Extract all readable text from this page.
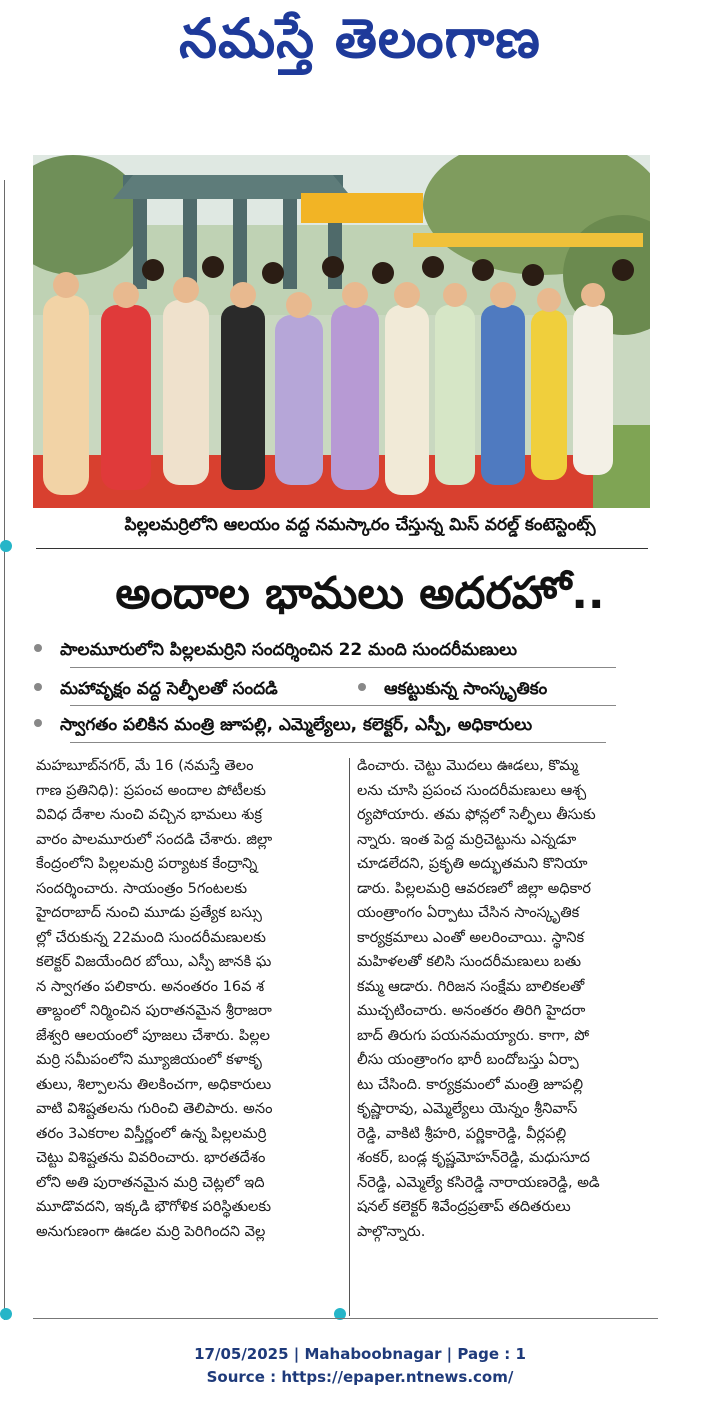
నమస్తే తెలంగాణ
పిల్లలమర్రిలోని ఆలయం వద్ద నమస్కారం చేస్తున్న మిస్ వరల్డ్ కంటెస్టెంట్స్
అందాల భామలు అదరహో..
పాలమూరులోని పిల్లలమర్రిని సందర్శించిన 22 మంది సుందరీమణులు
మహావృక్షం వద్ద సెల్ఫీలతో సందడి	ఆకట్టుకున్న సాంస్కృతికం
స్వాగతం పలికిన మంత్రి జూపల్లి, ఎమ్మెల్యేలు, కలెక్టర్, ఎస్పీ, అధికారులు
మహబూబ్‌నగర్, మే 16 (నమస్తే తెలం
గాణ ప్రతినిధి): ప్రపంచ అందాల పోటీలకు
వివిధ దేశాల నుంచి వచ్చిన భామలు శుక్ర
వారం పాలమూరులో సందడి చేశారు. జిల్లా
కేంద్రంలోని పిల్లలమర్రి పర్యాటక కేంద్రాన్ని
సందర్శించారు. సాయంత్రం 5గంటలకు
హైదరాబాద్ నుంచి మూడు ప్రత్యేక బస్సు
ల్లో చేరుకున్న 22మంది సుందరీమణులకు
కలెక్టర్ విజయేందిర బోయి, ఎస్పీ జానకి ఘ
న స్వాగతం పలికారు. అనంతరం 16వ శ
తాబ్దంలో నిర్మించిన పురాతనమైన శ్రీరాజరా
జేశ్వరి ఆలయంలో పూజలు చేశారు. పిల్లల
మర్రి సమీపంలోని మ్యూజియంలో కళాకృ
తులు, శిల్పాలను తిలకించగా, అధికారులు
వాటి విశిష్టతలను గురించి తెలిపారు. అనం
తరం 3ఎకరాల విస్తీర్ణంలో ఉన్న పిల్లలమర్రి
చెట్టు విశిష్టతను వివరించారు. భారతదేశం
లోని అతి పురాతనమైన మర్రి చెట్లలో ఇది
మూడొవదని, ఇక్కడి భౌగోళిక పరిస్థితులకు
అనుగుణంగా ఊడల మర్రి పెరిగిందని వెల్ల
డించారు. చెట్టు మొదలు ఊడలు, కొమ్మ
లను చూసి ప్రపంచ సుందరీమణులు ఆశ్చ
ర్యపోయారు. తమ ఫోన్లలో సెల్ఫీలు తీసుకు
న్నారు. ఇంత పెద్ద మర్రిచెట్టును ఎన్నడూ
చూడలేదని, ప్రకృతి అద్భుతమని కొనియా
డారు. పిల్లలమర్రి ఆవరణలో జిల్లా అధికార
యంత్రాంగం ఏర్పాటు చేసిన సాంస్కృతిక
కార్యక్రమాలు ఎంతో అలరించాయి. స్థానిక
మహిళలతో కలిసి సుందరీమణులు బతు
కమ్మ ఆడారు. గిరిజన సంక్షేమ బాలికలతో
ముచ్చటించారు. అనంతరం తిరిగి హైదరా
బాద్ తిరుగు పయనమయ్యారు. కాగా, పో
లీసు యంత్రాంగం భారీ బందోబస్తు ఏర్పా
టు చేసింది. కార్యక్రమంలో మంత్రి జూపల్లి
కృష్ణారావు, ఎమ్మెల్యేలు యెన్నం శ్రీనివాస్
రెడ్డి, వాకిటి శ్రీహరి, పర్ణికారెడ్డి, వీర్లపల్లి
శంకర్, బండ్ల కృష్ణమోహన్‌రెడ్డి, మధుసూద
న్‌రెడ్డి, ఎమ్మెల్యే కసిరెడ్డి నారాయణరెడ్డి, అడి
షనల్ కలెక్టర్ శివేంద్రప్రతాప్ తదితరులు
పాల్గొన్నారు.
17/05/2025 | Mahaboobnagar | Page : 1
Source : https://epaper.ntnews.com/
